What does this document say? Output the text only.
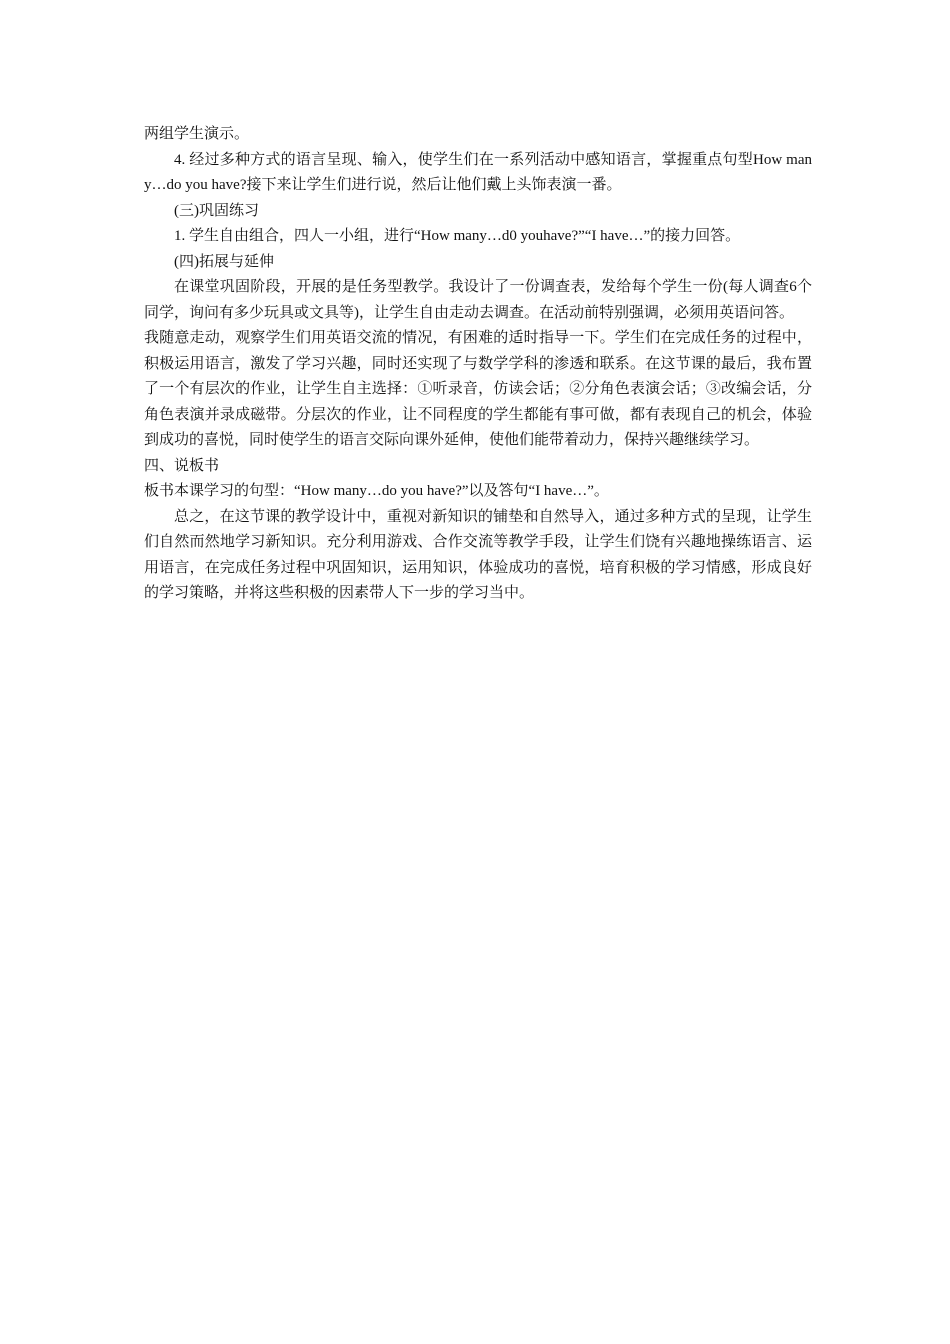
两组学生演示。

4. 经过多种方式的语言呈现、输入，使学生们在一系列活动中感知语言，掌握重点句型How many…do you have?接下来让学生们进行说，然后让他们戴上头饰表演一番。

(三)巩固练习

1. 学生自由组合，四人一小组，进行“How many…d0 youhave?”“I have…”的接力回答。

(四)拓展与延伸

在课堂巩固阶段，开展的是任务型教学。我设计了一份调查表，发给每个学生一份(每人调查6个同学，询问有多少玩具或文具等)，让学生自由走动去调查。在活动前特别强调，必须用英语问答。

我随意走动，观察学生们用英语交流的情况，有困难的适时指导一下。学生们在完成任务的过程中，积极运用语言，激发了学习兴趣，同时还实现了与数学学科的渗透和联系。在这节课的最后，我布置了一个有层次的作业，让学生自主选择：①听录音，仿读会话；②分角色表演会话；③改编会话，分角色表演并录成磁带。分层次的作业，让不同程度的学生都能有事可做，都有表现自己的机会，体验到成功的喜悦，同时使学生的语言交际向课外延伸，使他们能带着动力，保持兴趣继续学习。

四、说板书

板书本课学习的句型：“How many…do you have?”以及答句“I have…”。

总之，在这节课的教学设计中，重视对新知识的铺垫和自然导入，通过多种方式的呈现，让学生们自然而然地学习新知识。充分利用游戏、合作交流等教学手段，让学生们饶有兴趣地操练语言、运用语言，在完成任务过程中巩固知识，运用知识，体验成功的喜悦，培育积极的学习情感，形成良好的学习策略，并将这些积极的因素带人下一步的学习当中。
